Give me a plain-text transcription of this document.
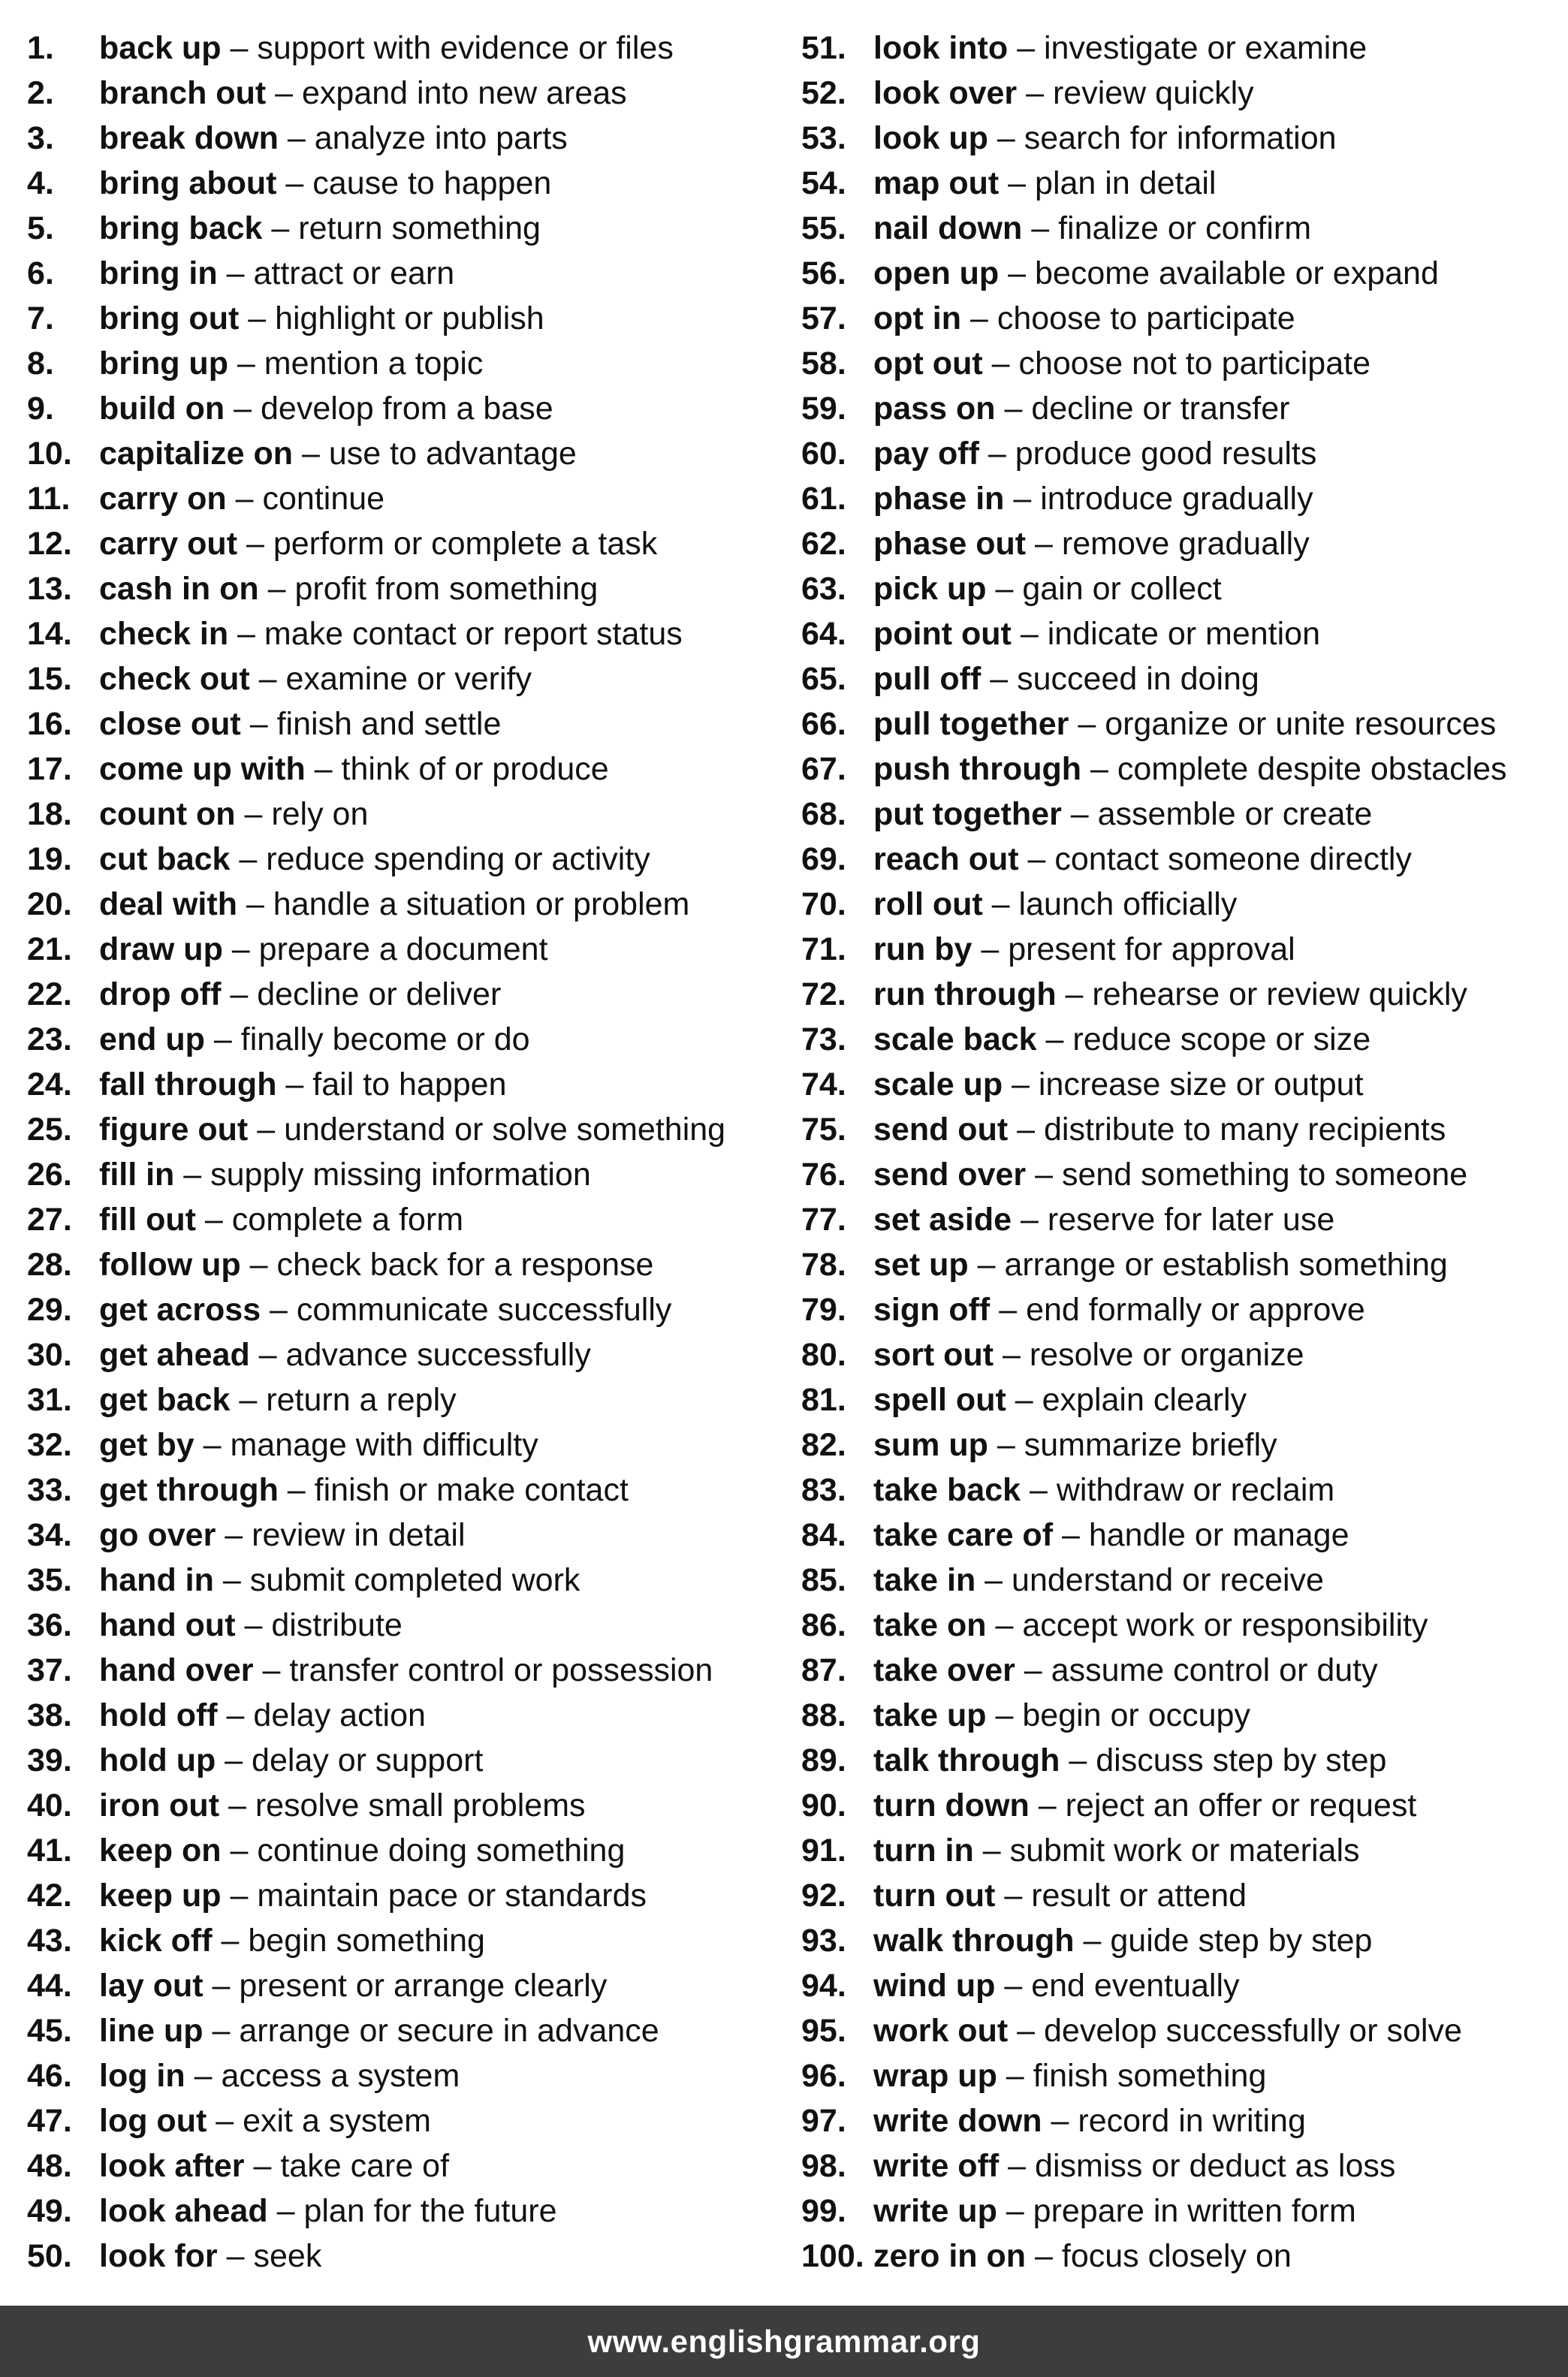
1.	back up – support with evidence or files
2.	branch out – expand into new areas
3.	break down – analyze into parts
4.	bring about – cause to happen
5.	bring back – return something
6.	bring in – attract or earn
7.	bring out – highlight or publish
8.	bring up – mention a topic
9.	build on – develop from a base
10. capitalize on – use to advantage
11. carry on – continue
12. carry out – perform or complete a task
13. cash in on – profit from something
14. check in – make contact or report status
15. check out – examine or verify
16. close out – finish and settle
17. come up with – think of or produce
18. count on – rely on
19. cut back – reduce spending or activity
20. deal with – handle a situation or problem
21. draw up – prepare a document
22. drop off – decline or deliver
23. end up – finally become or do
24. fall through – fail to happen
25. figure out – understand or solve something
26. fill in – supply missing information
27. fill out – complete a form
28. follow up – check back for a response
29. get across – communicate successfully
30. get ahead – advance successfully
31. get back – return a reply
32. get by – manage with difficulty
33. get through – finish or make contact
34. go over – review in detail
35. hand in – submit completed work
36. hand out – distribute
37. hand over – transfer control or possession
38. hold off – delay action
39. hold up – delay or support
40. iron out – resolve small problems
41. keep on – continue doing something
42. keep up – maintain pace or standards
43. kick off – begin something
44. lay out – present or arrange clearly
45. line up – arrange or secure in advance
46. log in – access a system
47. log out – exit a system
48. look after – take care of
49. look ahead – plan for the future
50. look for – seek
51. look into – investigate or examine
52. look over – review quickly
53. look up – search for information
54. map out – plan in detail
55. nail down – finalize or confirm
56. open up – become available or expand
57. opt in – choose to participate
58. opt out – choose not to participate
59. pass on – decline or transfer
60. pay off – produce good results
61. phase in – introduce gradually
62. phase out – remove gradually
63. pick up – gain or collect
64. point out – indicate or mention
65. pull off – succeed in doing
66. pull together – organize or unite resources
67. push through – complete despite obstacles
68. put together – assemble or create
69. reach out – contact someone directly
70. roll out – launch officially
71. run by – present for approval
72. run through – rehearse or review quickly
73. scale back – reduce scope or size
74. scale up – increase size or output
75. send out – distribute to many recipients
76. send over – send something to someone
77. set aside – reserve for later use
78. set up – arrange or establish something
79. sign off – end formally or approve
80. sort out – resolve or organize
81. spell out – explain clearly
82. sum up – summarize briefly
83. take back – withdraw or reclaim
84. take care of – handle or manage
85. take in – understand or receive
86. take on – accept work or responsibility
87. take over – assume control or duty
88. take up – begin or occupy
89. talk through – discuss step by step
90. turn down – reject an offer or request
91. turn in – submit work or materials
92. turn out – result or attend
93. walk through – guide step by step
94. wind up – end eventually
95. work out – develop successfully or solve
96. wrap up – finish something
97. write down – record in writing
98. write off – dismiss or deduct as loss
99. write up – prepare in written form
100. zero in on – focus closely on
www.englishgrammar.org
